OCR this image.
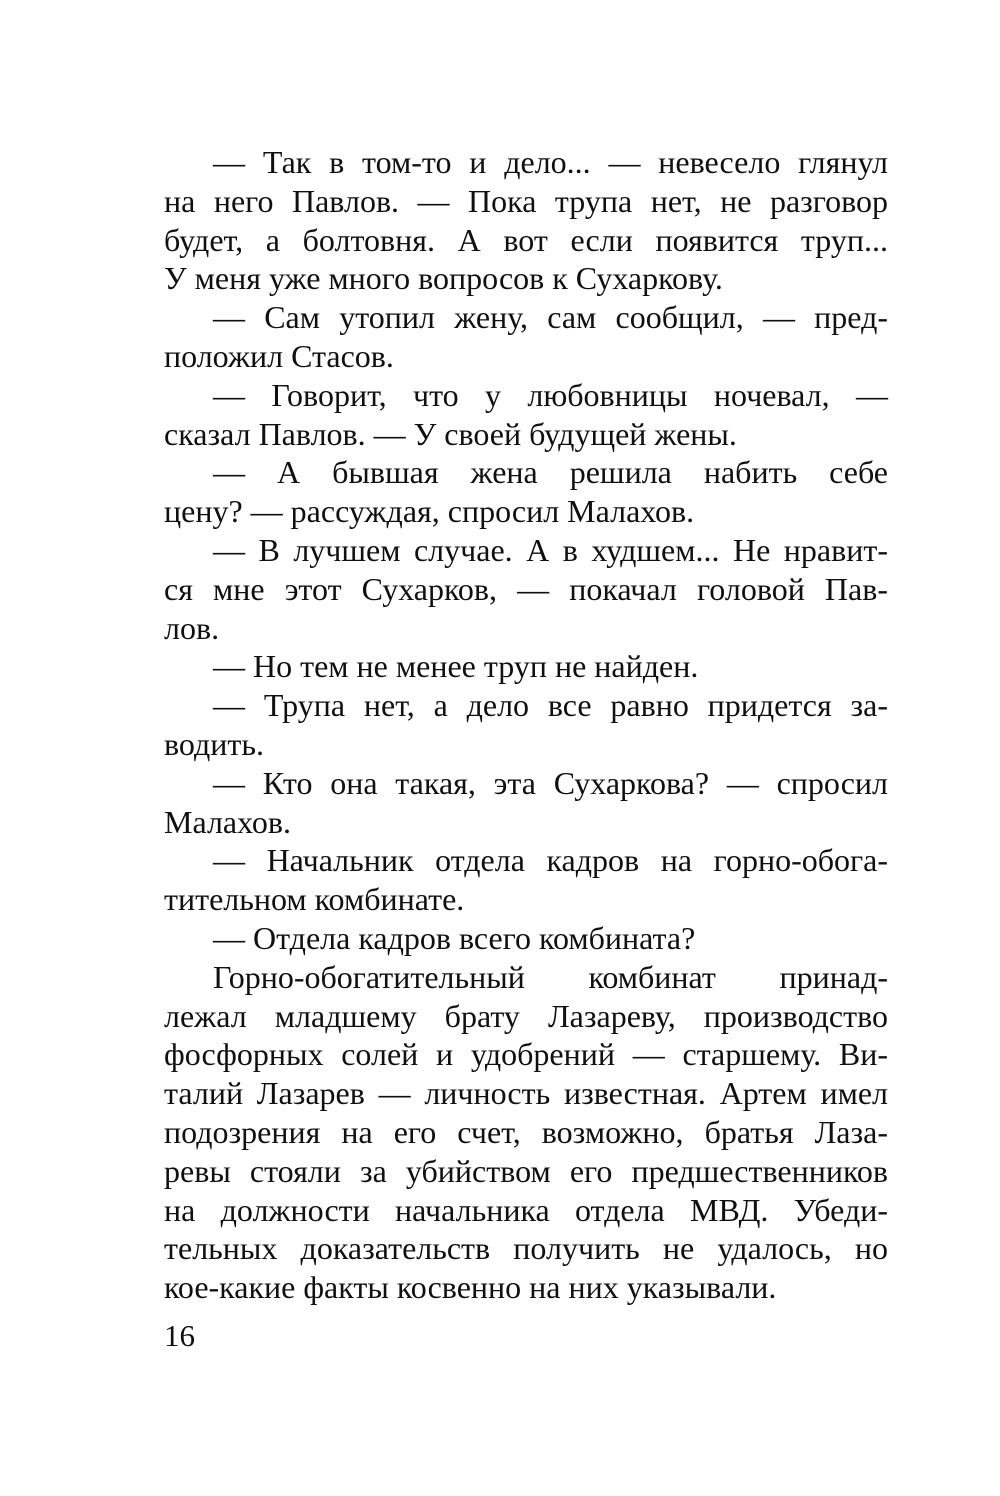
— Так в том-то и дело... — невесело глянул
на него Павлов. — Пока трупа нет, не разговор
будет, а болтовня. А вот если появится труп...
У меня уже много вопросов к Сухаркову.
— Сам утопил жену, сам сообщил, — пред-
положил Стасов.
— Говорит, что у любовницы ночевал, —
сказал Павлов. — У своей будущей жены.
— А бывшая жена решила набить себе
цену? — рассуждая, спросил Малахов.
— В лучшем случае. А в худшем... Не нравит-
ся мне этот Сухарков, — покачал головой Пав-
лов.
— Но тем не менее труп не найден.
— Трупа нет, а дело все равно придется за-
водить.
— Кто она такая, эта Сухаркова? — спросил
Малахов.
— Начальник отдела кадров на горно-обога-
тительном комбинате.
— Отдела кадров всего комбината?
Горно-обогатительный комбинат принад-
лежал младшему брату Лазареву, производство
фосфорных солей и удобрений — старшему. Ви-
талий Лазарев — личность известная. Артем имел
подозрения на его счет, возможно, братья Лаза-
ревы стояли за убийством его предшественников
на должности начальника отдела МВД. Убеди-
тельных доказательств получить не удалось, но
кое-какие факты косвенно на них указывали.
16
